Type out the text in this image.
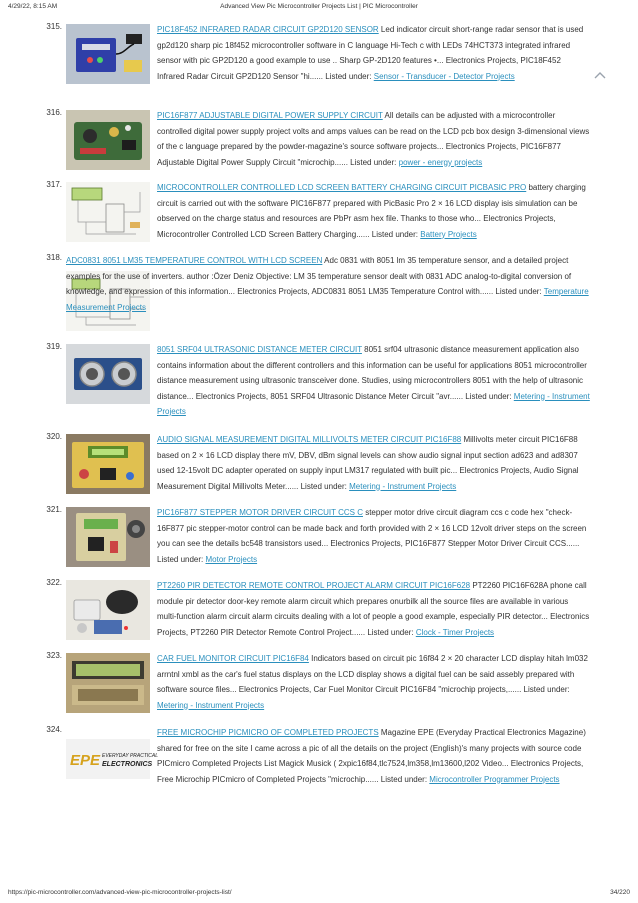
4/29/22, 8:15 AM	Advanced View Pic Microcontroller Projects List | PIC Microcontroller
315.	PIC18F452 INFRARED RADAR CIRCUIT GP2D120 SENSOR Led indicator circuit short-range radar sensor that is used gp2d120 sharp pic 18f452 microcontroller software in C language Hi-Tech c with LEDs 74HCT373 integrated infrared sensor with pic GP2D120 a good example to use .. Sharp GP-2D120 features •... Electronics Projects, PIC18F452 Infrared Radar Circuit GP2D120 Sensor "hi...... Listed under: Sensor - Transducer - Detector Projects
316.	PIC16F877 ADJUSTABLE DIGITAL POWER SUPPLY CIRCUIT All details can be adjusted with a microcontroller controlled digital power supply project volts and amps values can be read on the LCD pcb box design 3-dimensional views of the c language prepared by the powder-magazine's source software projects... Electronics Projects, PIC16F877 Adjustable Digital Power Supply Circuit "microchip...... Listed under: power - energy projects
317.	MICROCONTROLLER CONTROLLED LCD SCREEN BATTERY CHARGING CIRCUIT PICBASIC PRO battery charging circuit is carried out with the software PIC16F877 prepared with PicBasic Pro 2 × 16 LCD display isis simulation can be observed on the charge status and resources are PbPr asm hex file. Thanks to those who... Electronics Projects, Microcontroller Controlled LCD Screen Battery Charging...... Listed under: Battery Projects
318. ADC0831 8051 LM35 TEMPERATURE CONTROL WITH LCD SCREEN Adc 0831 with 8051 lm 35 temperature sensor, and a detailed project examples for the use of inverters. author :Özer Deniz Objective: LM 35 temperature sensor dealt with 0831 ADC analog-to-digital conversion of knowledge, and expression of this information... Electronics Projects, ADC0831 8051 LM35 Temperature Control with...... Listed under: Temperature Measurement Projects
319.	8051 SRF04 ULTRASONIC DISTANCE METER CIRCUIT 8051 srf04 ultrasonic distance measurement application also contains information about the different controllers and this information can be useful for applications 8051 microcontroller distance measurement using ultrasonic transceiver done. Studies, using microcontrollers 8051 with the help of ultrasonic distance... Electronics Projects, 8051 SRF04 Ultrasonic Distance Meter Circuit "avr...... Listed under: Metering - Instrument Projects
320.	AUDIO SIGNAL MEASUREMENT DIGITAL MILLIVOLTS METER CIRCUIT PIC16F88 Millivolts meter circuit PIC16F88 based on 2 × 16 LCD display there mV, DBV, dBm signal levels can show audio signal input section ad623 and ad8307 used 12-15volt DC adapter operated on supply input LM317 regulated with built pic... Electronics Projects, Audio Signal Measurement Digital Millivolts Meter...... Listed under: Metering - Instrument Projects
321.	PIC16F877 STEPPER MOTOR DRIVER CIRCUIT CCS C stepper motor drive circuit diagram ccs c code hex "check-16F877 pic stepper-motor control can be made back and forth provided with 2 × 16 LCD 12volt driver steps on the screen you can see the details bc548 transistors used... Electronics Projects, PIC16F877 Stepper Motor Driver Circuit CCS...... Listed under: Motor Projects
322.	PT2260 PIR DETECTOR REMOTE CONTROL PROJECT ALARM CIRCUIT PIC16F628 PT2260 PIC16F628A phone call module pir detector door-key remote alarm circuit which prepares onurbilk all the source files are available in various multi-function alarm circuit alarm circuits dealing with a lot of people a good example, especially PIR detector... Electronics Projects, PT2260 PIR Detector Remote Control Project...... Listed under: Clock - Timer Projects
323.	CAR FUEL MONITOR CIRCUIT PIC16F84 Indicators based on circuit pic 16f84 2 × 20 character LCD display hitah lm032 arrntnl xmbl as the car's fuel status displays on the LCD display shows a digital fuel can be said assebly prepared with software source files... Electronics Projects, Car Fuel Monitor Circuit PIC16F84 "microchip projects,...... Listed under: Metering - Instrument Projects
324.
EPE EVERYDAY PRACTICAL
ELECTRONICS
FREE MICROCHIP PICMICRO OF COMPLETED PROJECTS Magazine EPE (Everyday Practical Electronics Magazine) shared for free on the site I came across a pic of all the details on the project (English)'s many projects with source code PICmicro Completed Projects List Magick Musick ( 2xpic16f84,tlc7524,lm358,lm13600,l202 Video... Electronics Projects, Free Microchip PICmicro of Completed Projects "microchip...... Listed under: Microcontroller Programmer Projects
https://pic-microcontroller.com/advanced-view-pic-microcontroller-projects-list/	34/220
